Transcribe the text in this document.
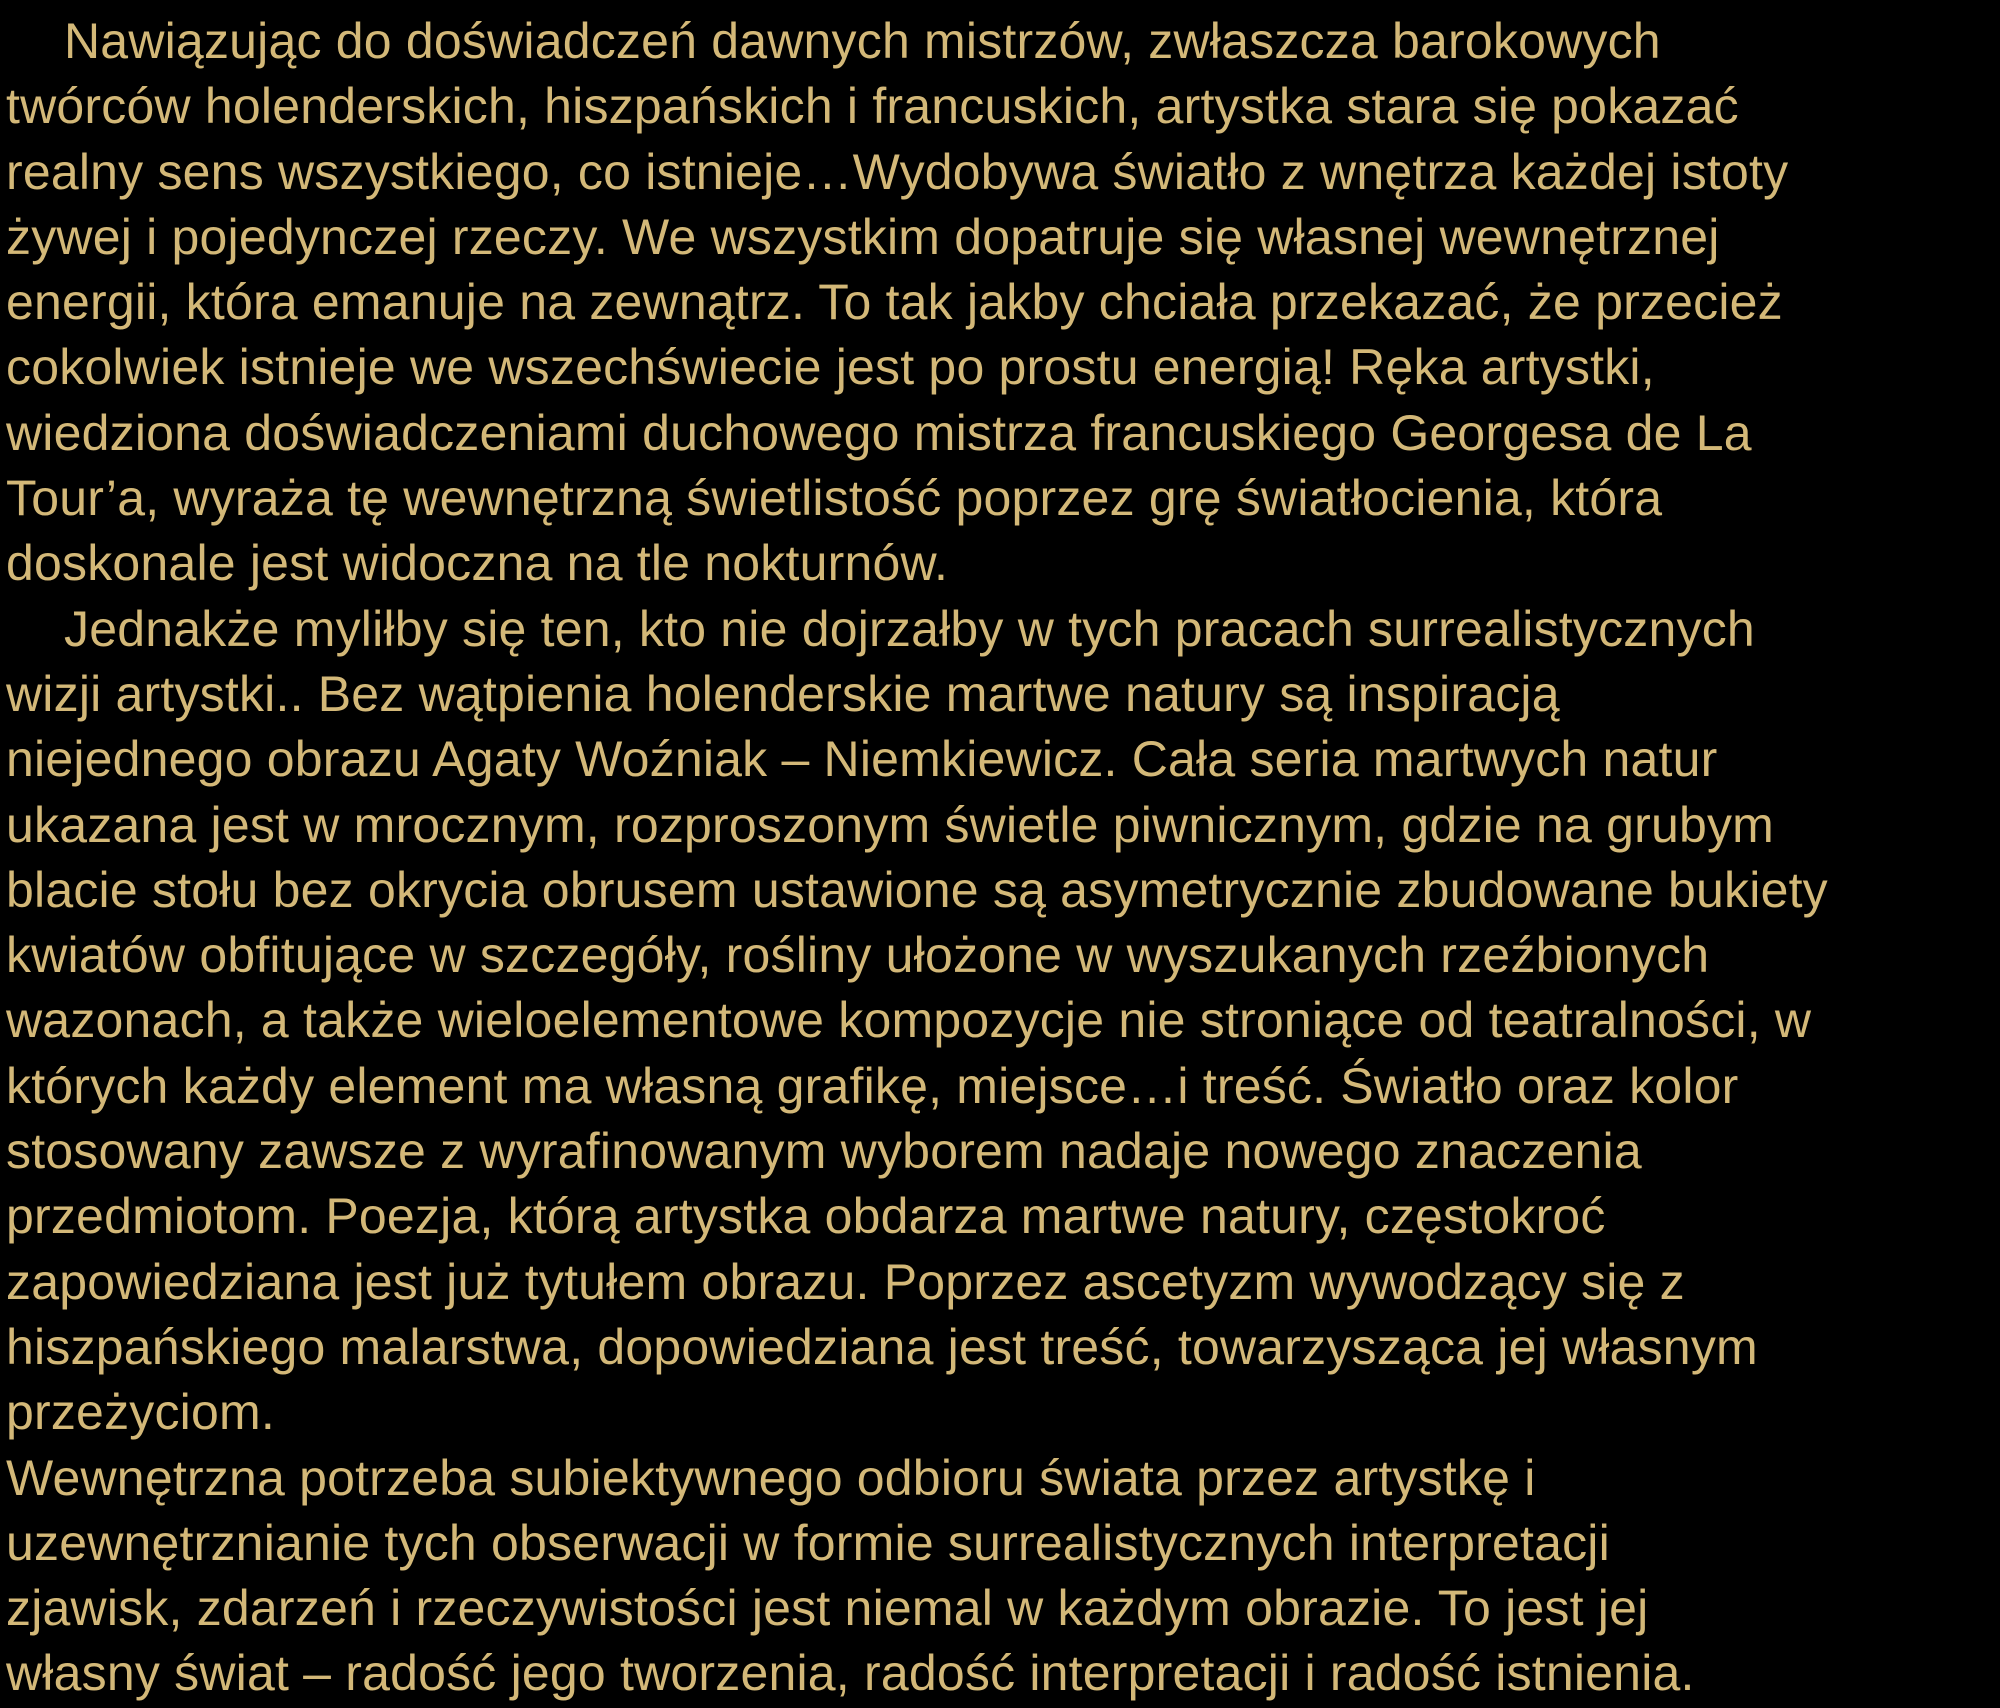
Nawiązując do doświadczeń dawnych mistrzów, zwłaszcza barokowych
twórców holenderskich, hiszpańskich i francuskich, artystka stara się pokazać
realny sens wszystkiego, co istnieje…Wydobywa światło z wnętrza każdej istoty
żywej i pojedynczej rzeczy. We wszystkim dopatruje się własnej wewnętrznej
energii, która emanuje na zewnątrz. To tak jakby chciała przekazać, że przecież
cokolwiek istnieje we wszechświecie jest po prostu energią! Ręka artystki,
wiedziona doświadczeniami duchowego mistrza francuskiego Georgesa de La
Tour’a, wyraża tę wewnętrzną świetlistość poprzez grę światłocienia, która
doskonale jest widoczna na tle nokturnów.
Jednakże myliłby się ten, kto nie dojrzałby w tych pracach surrealistycznych
wizji artystki.. Bez wątpienia holenderskie martwe natury są inspiracją
niejednego obrazu Agaty Woźniak – Niemkiewicz. Cała seria martwych natur
ukazana jest w mrocznym, rozproszonym świetle piwnicznym, gdzie na grubym
blacie stołu bez okrycia obrusem ustawione są asymetrycznie zbudowane bukiety
kwiatów obfitujące w szczegóły, rośliny ułożone w wyszukanych rzeźbionych
wazonach, a także wieloelementowe kompozycje nie stroniące od teatralności, w
których każdy element ma własną grafikę, miejsce…i treść. Światło oraz kolor
stosowany zawsze z wyrafinowanym wyborem nadaje nowego znaczenia
przedmiotom. Poezja, którą artystka obdarza martwe natury, częstokroć
zapowiedziana jest już tytułem obrazu. Poprzez ascetyzm wywodzący się z
hiszpańskiego malarstwa, dopowiedziana jest treść, towarzysząca jej własnym
przeżyciom.
Wewnętrzna potrzeba subiektywnego odbioru świata przez artystkę i
uzewnętrznianie tych obserwacji w formie surrealistycznych interpretacji
zjawisk, zdarzeń i rzeczywistości jest niemal w każdym obrazie. To jest jej
własny świat – radość jego tworzenia, radość interpretacji i radość istnienia.
